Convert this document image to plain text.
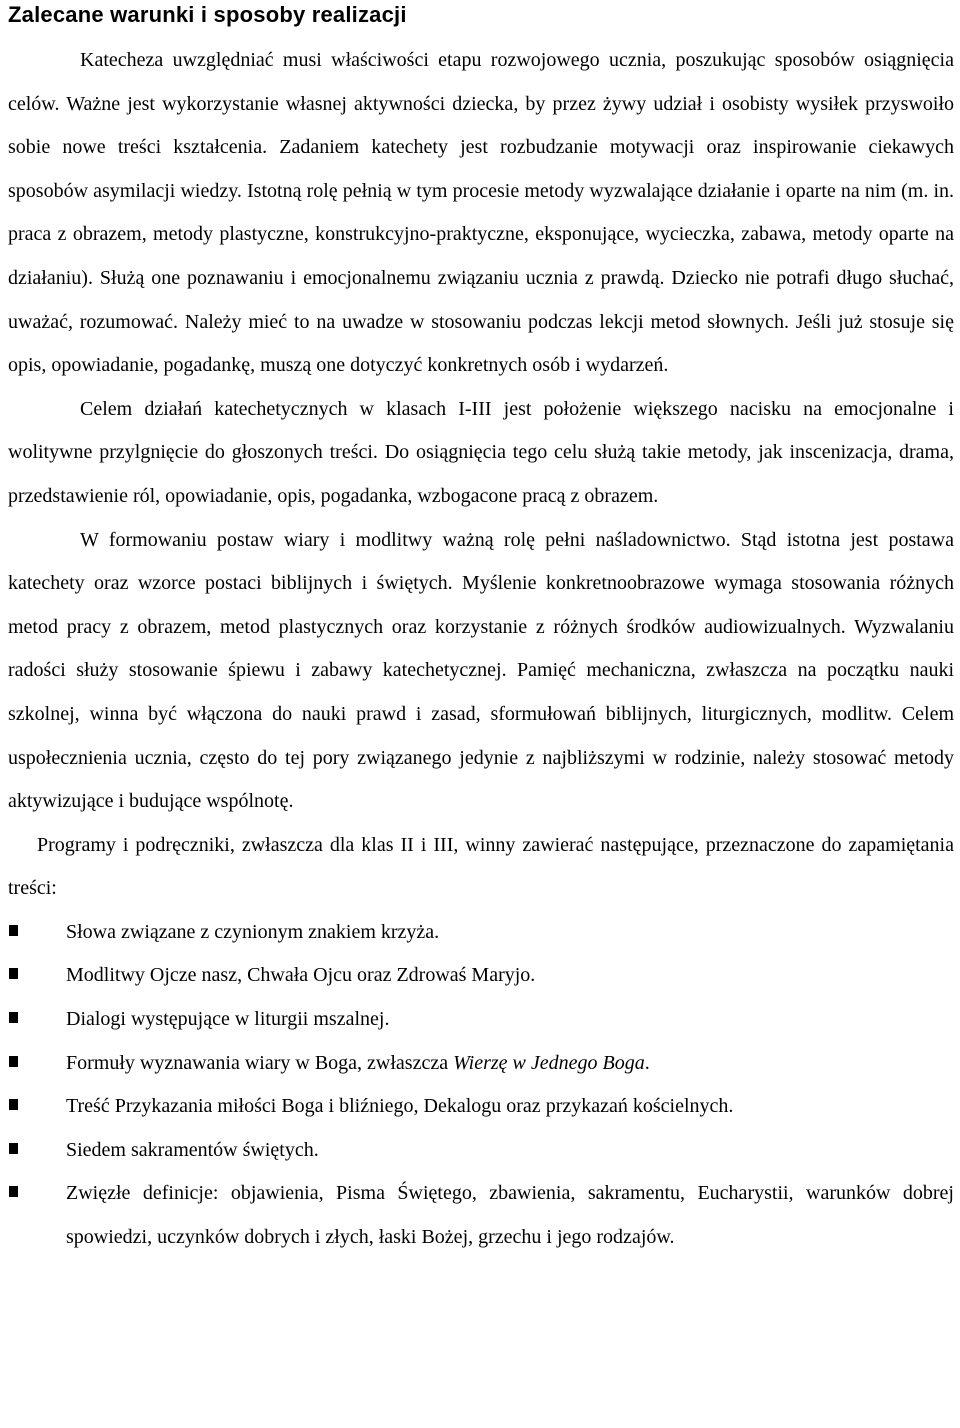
Zalecane warunki i sposoby realizacji

Katecheza uwzględniać musi właściwości etapu rozwojowego ucznia, poszukując sposobów osiągnięcia celów. Ważne jest wykorzystanie własnej aktywności dziecka, by przez żywy udział i osobisty wysiłek przyswoiło sobie nowe treści kształcenia. Zadaniem katechety jest rozbudzanie motywacji oraz inspirowanie ciekawych sposobów asymilacji wiedzy. Istotną rolę pełnią w tym procesie metody wyzwalające działanie i oparte na nim (m. in. praca z obrazem, metody plastyczne, konstrukcyjno-praktyczne, eksponujące, wycieczka, zabawa, metody oparte na działaniu). Służą one poznawaniu i emocjonalnemu związaniu ucznia z prawdą. Dziecko nie potrafi długo słuchać, uważać, rozumować. Należy mieć to na uwadze w stosowaniu podczas lekcji metod słownych. Jeśli już stosuje się opis, opowiadanie, pogadankę, muszą one dotyczyć konkretnych osób i wydarzeń.

Celem działań katechetycznych w klasach I-III jest położenie większego nacisku na emocjonalne i wolitywne przylgnięcie do głoszonych treści. Do osiągnięcia tego celu służą takie metody, jak inscenizacja, drama, przedstawienie ról, opowiadanie, opis, pogadanka, wzbogacone pracą z obrazem.

W formowaniu postaw wiary i modlitwy ważną rolę pełni naśladownictwo. Stąd istotna jest postawa katechety oraz wzorce postaci biblijnych i świętych. Myślenie konkretnoobrazowe wymaga stosowania różnych metod pracy z obrazem, metod plastycznych oraz korzystanie z różnych środków audiowizualnych. Wyzwalaniu radości służy stosowanie śpiewu i zabawy katechetycznej. Pamięć mechaniczna, zwłaszcza na początku nauki szkolnej, winna być włączona do nauki prawd i zasad, sformułowań biblijnych, liturgicznych, modlitw. Celem uspołecznienia ucznia, często do tej pory związanego jedynie z najbliższymi w rodzinie, należy stosować metody aktywizujące i budujące wspólnotę.

Programy i podręczniki, zwłaszcza dla klas II i III, winny zawierać następujące, przeznaczone do zapamiętania treści:

Słowa związane z czynionym znakiem krzyża.
Modlitwy Ojcze nasz, Chwała Ojcu oraz Zdrowaś Maryjo.
Dialogi występujące w liturgii mszalnej.
Formuły wyznawania wiary w Boga, zwłaszcza Wierzę w Jednego Boga.
Treść Przykazania miłości Boga i bliźniego, Dekalogu oraz przykazań kościelnych.
Siedem sakramentów świętych.
Zwięzłe definicje: objawienia, Pisma Świętego, zbawienia, sakramentu, Eucharystii, warunków dobrej spowiedzi, uczynków dobrych i złych, łaski Bożej, grzechu i jego rodzajów.
